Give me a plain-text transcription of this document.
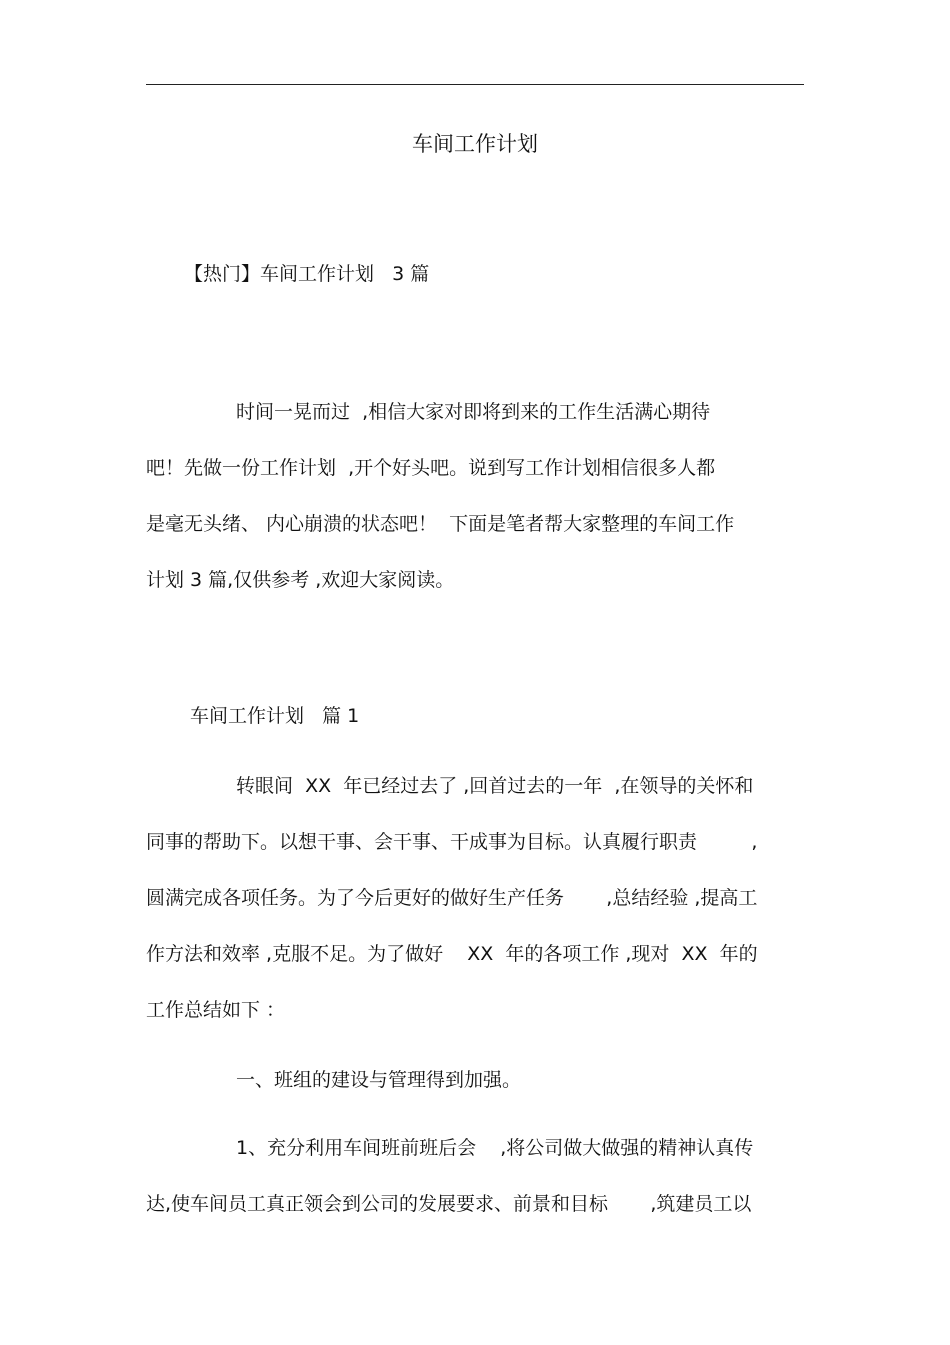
车间工作计划
【热门】车间工作计划   3 篇
时间一晃而过  ,相信大家对即将到来的工作生活满心期待
吧！先做一份工作计划  ,开个好头吧。说到写工作计划相信很多人都
是毫无头绪、 内心崩溃的状态吧！  下面是笔者帮大家整理的车间工作
计划 3 篇,仅供参考 ,欢迎大家阅读。
车间工作计划   篇 1
转眼间  XX  年已经过去了 ,回首过去的一年  ,在领导的关怀和
同事的帮助下。以想干事、会干事、干成事为目标。认真履行职责         ,
圆满完成各项任务。为了今后更好的做好生产任务       ,总结经验 ,提高工
作方法和效率 ,克服不足。为了做好    XX  年的各项工作 ,现对  XX  年的
工作总结如下 ：
一、班组的建设与管理得到加强。
1、充分利用车间班前班后会    ,将公司做大做强的精神认真传
达,使车间员工真正领会到公司的发展要求、前景和目标       ,筑建员工以
